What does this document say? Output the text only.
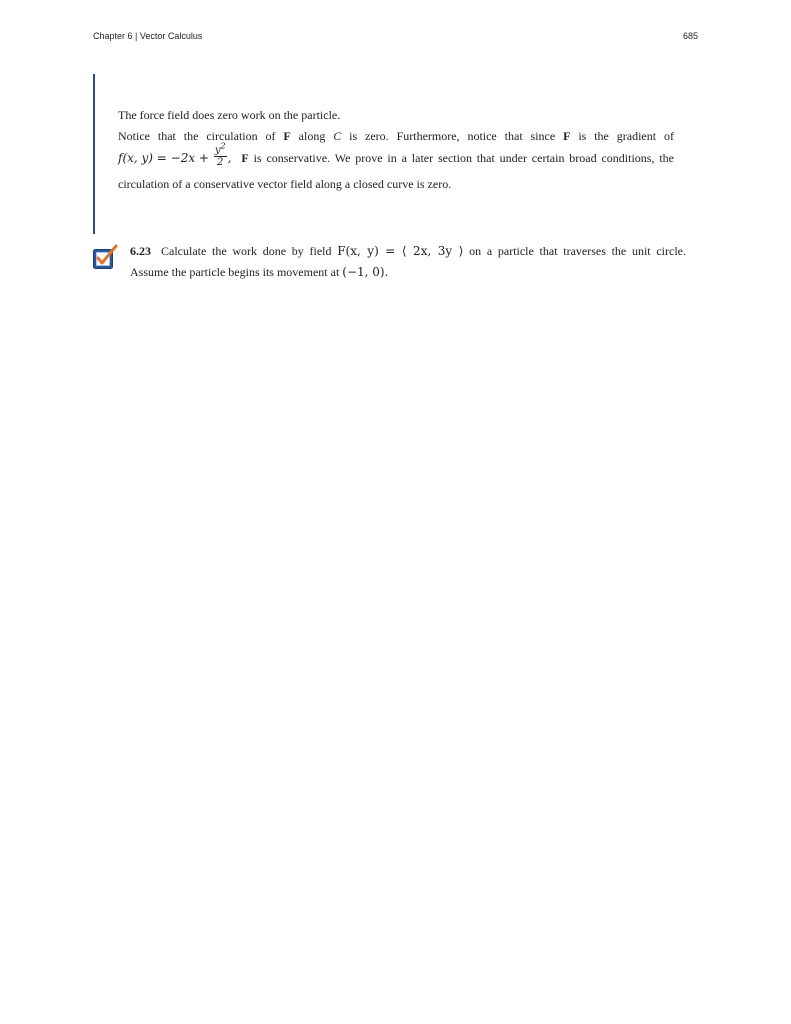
Chapter 6 | Vector Calculus	685

The force field does zero work on the particle.

Notice that the circulation of F along C is zero. Furthermore, notice that since F is the gradient of

f(x, $y) = -2x + \frac{y^2}{2}$ , F is conservative. We prove in a later section that under certain broad conditions, the

circulation of a conservative vector field along a closed curve is zero.

6.23 Calculate the work done by field F(x, y) = ⟨ 2x, 3y ⟩ on a particle that traverses the unit circle.
Assume the particle begins its movement at (−1, 0).
